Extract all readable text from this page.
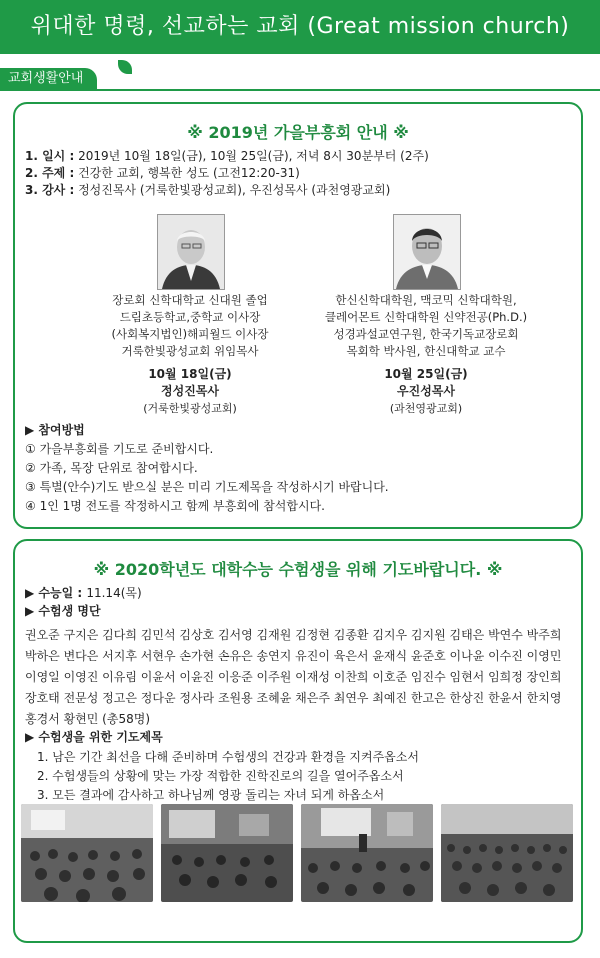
위대한 명령, 선교하는 교회 (Great mission church)
교회생활안내
※ 2019년 가을부흥회 안내 ※
1. 일시 : 2019년 10월 18일(금), 10월 25일(금), 저녁 8시 30분부터 (2주)
2. 주제 : 건강한 교회, 행복한 성도 (고전12:20-31)
3. 강사 : 정성진목사 (거룩한빛광성교회), 우진성목사 (과천영광교회)
장로회 신학대학교 신대원 졸업
드림초등학교,중학교 이사장
(사회복지법인)해피월드 이사장
거룩한빛광성교회 위임목사
10월 18일(금)
정성진목사
(거룩한빛광성교회)
한신신학대학원, 맥코믹 신학대학원,
클레어몬트 신학대학원 신약전공(Ph.D.)
성경과설교연구원, 한국기독교장로회
목회학 박사원, 한신대학교 교수
10월 25일(금)
우진성목사
(과천영광교회)
▶ 참여방법
① 가을부흥회를 기도로 준비합시다.
② 가족, 목장 단위로 참여합시다.
③ 특별(안수)기도 받으실 분은 미리 기도제목을 작성하시기 바랍니다.
④ 1인 1명 전도를 작정하시고 함께 부흥회에 참석합시다.
※ 2020학년도 대학수능 수험생을 위해 기도바랍니다. ※
▶ 수능일 : 11.14(목)
▶ 수험생 명단
권오준 구지은 김다희 김민석 김상호 김서영 김재원 김정현 김종환 김지우 김지원 김태은 박연수 박주희 박하은 변다은 서지후 서현우 손가현 손유은 송연지 유진이 육은서 윤재식 윤준호 이나윤 이수진 이영민 이영일 이영진 이유림 이윤서 이윤진 이응준 이주원 이재성 이찬희 이호준 임진수 임현서 임희정 장인희 장호태 전문성 정고은 정다운 정사라 조원용 조혜윤 채은주 최연우 최예진 한고은 한상진 한윤서 한치영 홍경서 황현민 (총58명)
▶ 수험생을 위한 기도제목
1. 남은 기간 최선을 다해 준비하며 수험생의 건강과 환경을 지켜주옵소서
2. 수험생들의 상황에 맞는 가장 적합한 진학진로의 길을 열어주옵소서
3. 모든 결과에 감사하고 하나님께 영광 돌리는 자녀 되게 하옵소서
